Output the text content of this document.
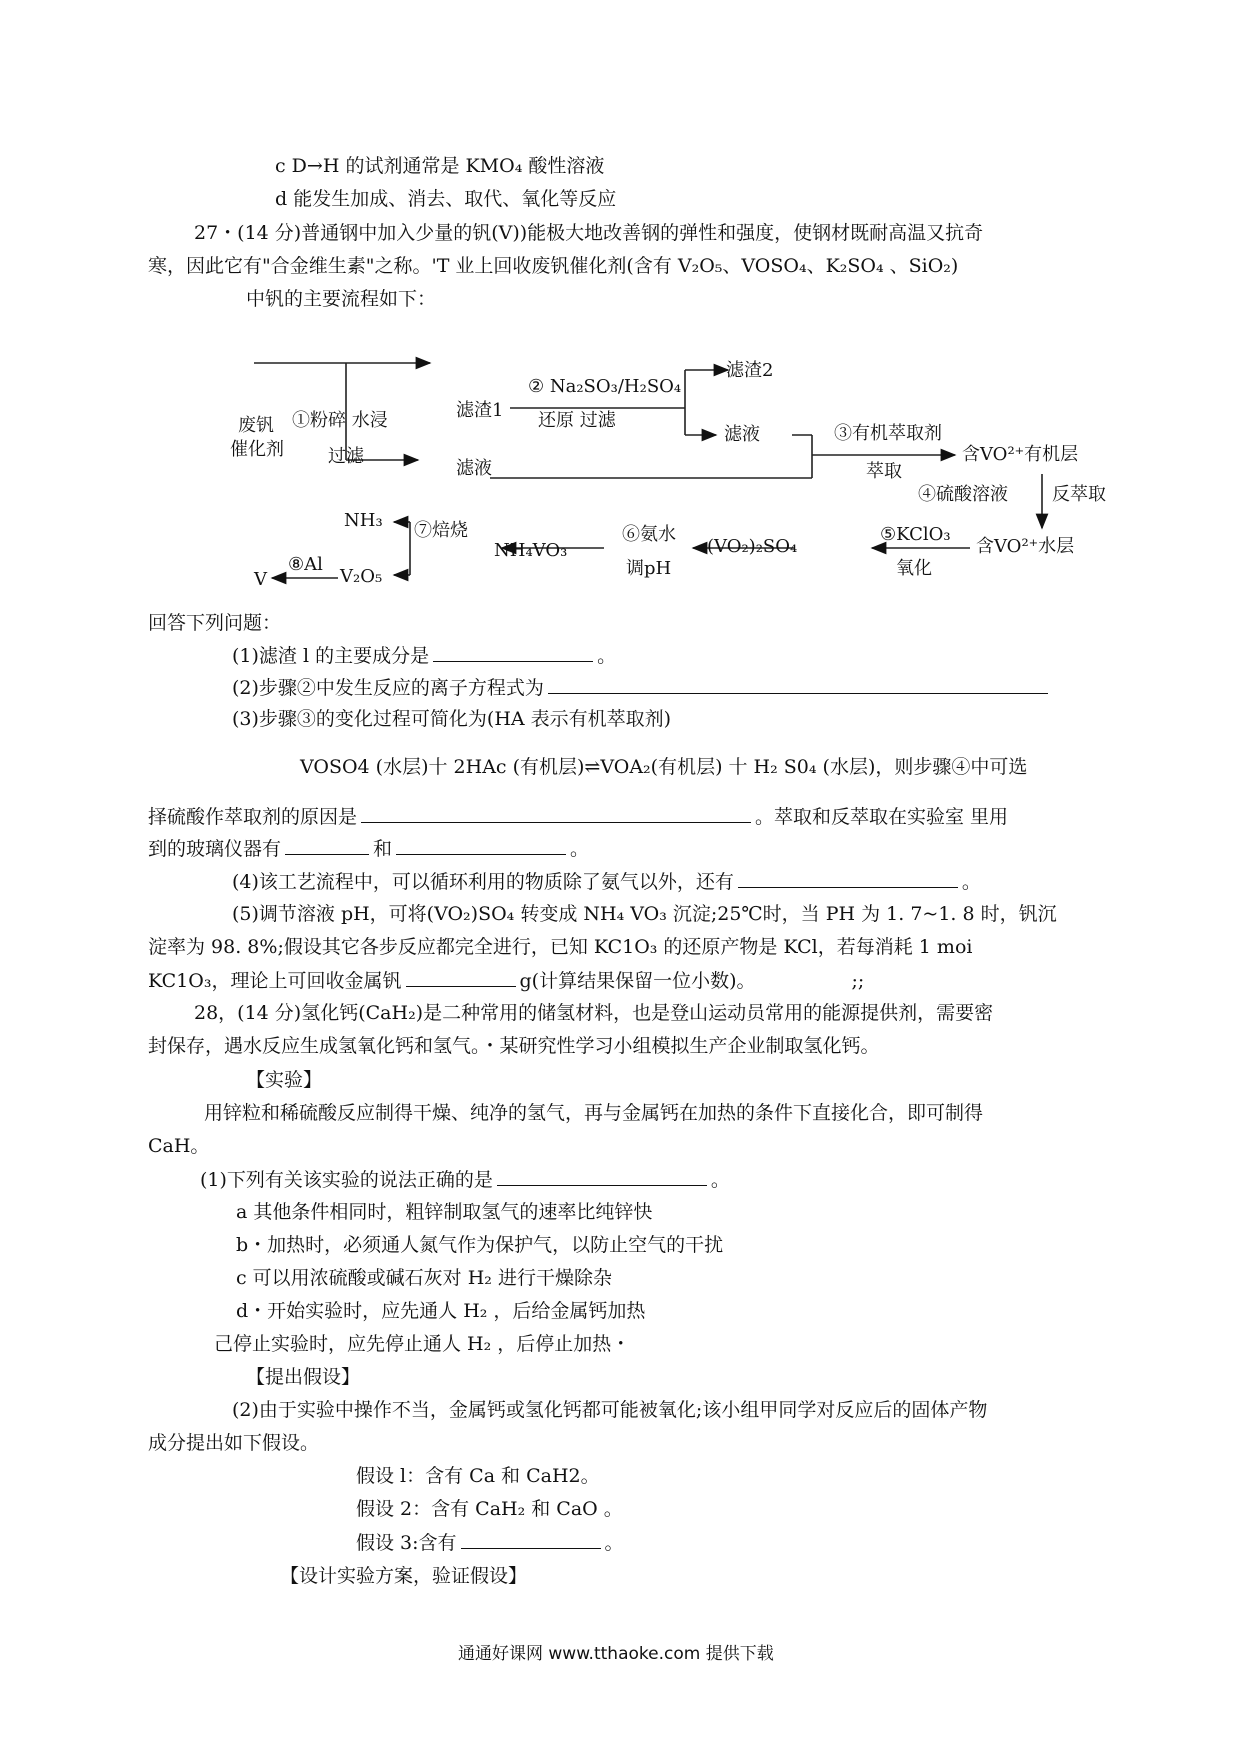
c D→H 的试剂通常是 KMO₄ 酸性溶液
d 能发生加成、消去、取代、氧化等反应
27・(14 分)普通钢中加入少量的钒(V))能极大地改善钢的弹性和强度，使钢材既耐高温又抗奇
寒，因此它有"合金维生素"之称。'T 业上回收废钒催化剂(含有 V₂O₅、VOSO₄、K₂SO₄ 、SiO₂)
中钒的主要流程如下：
废钒
催化剂
①粉碎 水浸
过滤
滤渣1
滤液
② Na₂SO₃/H₂SO₄
还原 过滤
滤渣2
滤液	③有机萃取剂
萃取
含VO²⁺有机层
④硫酸溶液 反萃取
含VO²⁺水层
⑤KClO₃
氧化
(VO₂)₂SO₄
⑥氨水
调pH
NH₄VO₃
⑦焙烧
NH₃
V₂O₅
⑧Al
V
回答下列问题：
(1)滤渣 l 的主要成分是	。
(2)步骤②中发生反应的离子方程式为
(3)步骤③的变化过程可简化为(HA 表示有机萃取剂)
VOSO4 (水层)十 2HAc (有机层)⇌VOA₂(有机层) 十 H₂ S0₄ (水层)，则步骤④中可选
择硫酸作萃取剂的原因是	。萃取和反萃取在实验室 里用
到的玻璃仪器有	和	。
(4)该工艺流程中，可以循环利用的物质除了氨气以外，还有	。
(5)调节溶液 pH，可将(VO₂)SO₄ 转变成 NH₄ VO₃ 沉淀;25℃时，当 PH 为 1. 7~1. 8 时，钒沉
淀率为 98. 8%;假设其它各步反应都完全进行，已知 KC1O₃ 的还原产物是 KCl，若每消耗 1 moi
KC1O₃，理论上可回收金属钒	g(计算结果保留一位小数)。	;;
28，(14 分)氢化钙(CaH₂)是二种常用的储氢材料，也是登山运动员常用的能源提供剂，需要密
封保存，遇水反应生成氢氧化钙和氢气。・某研究性学习小组模拟生产企业制取氢化钙。
【实验】
用锌粒和稀硫酸反应制得干燥、纯净的氢气，再与金属钙在加热的条件下直接化合，即可制得
CaH。
(1)下列有关该实验的说法正确的是	。
a 其他条件相同时，粗锌制取氢气的速率比纯锌快
b・加热时，必须通人氮气作为保护气，以防止空气的干扰
c 可以用浓硫酸或碱石灰对 H₂ 进行干燥除杂
d・开始实验时，应先通人 H₂ ，后给金属钙加热
己停止实验时，应先停止通人 H₂ ，后停止加热・
【提出假设】
(2)由于实验中操作不当，金属钙或氢化钙都可能被氧化;该小组甲同学对反应后的固体产物
成分提出如下假设。
假设 l：含有 Ca 和 CaH2。
假设 2：含有 CaH₂ 和 CaO 。
假设 3:含有	。
【设计实验方案，验证假设】
通通好课网 www.tthaoke.com 提供下载
